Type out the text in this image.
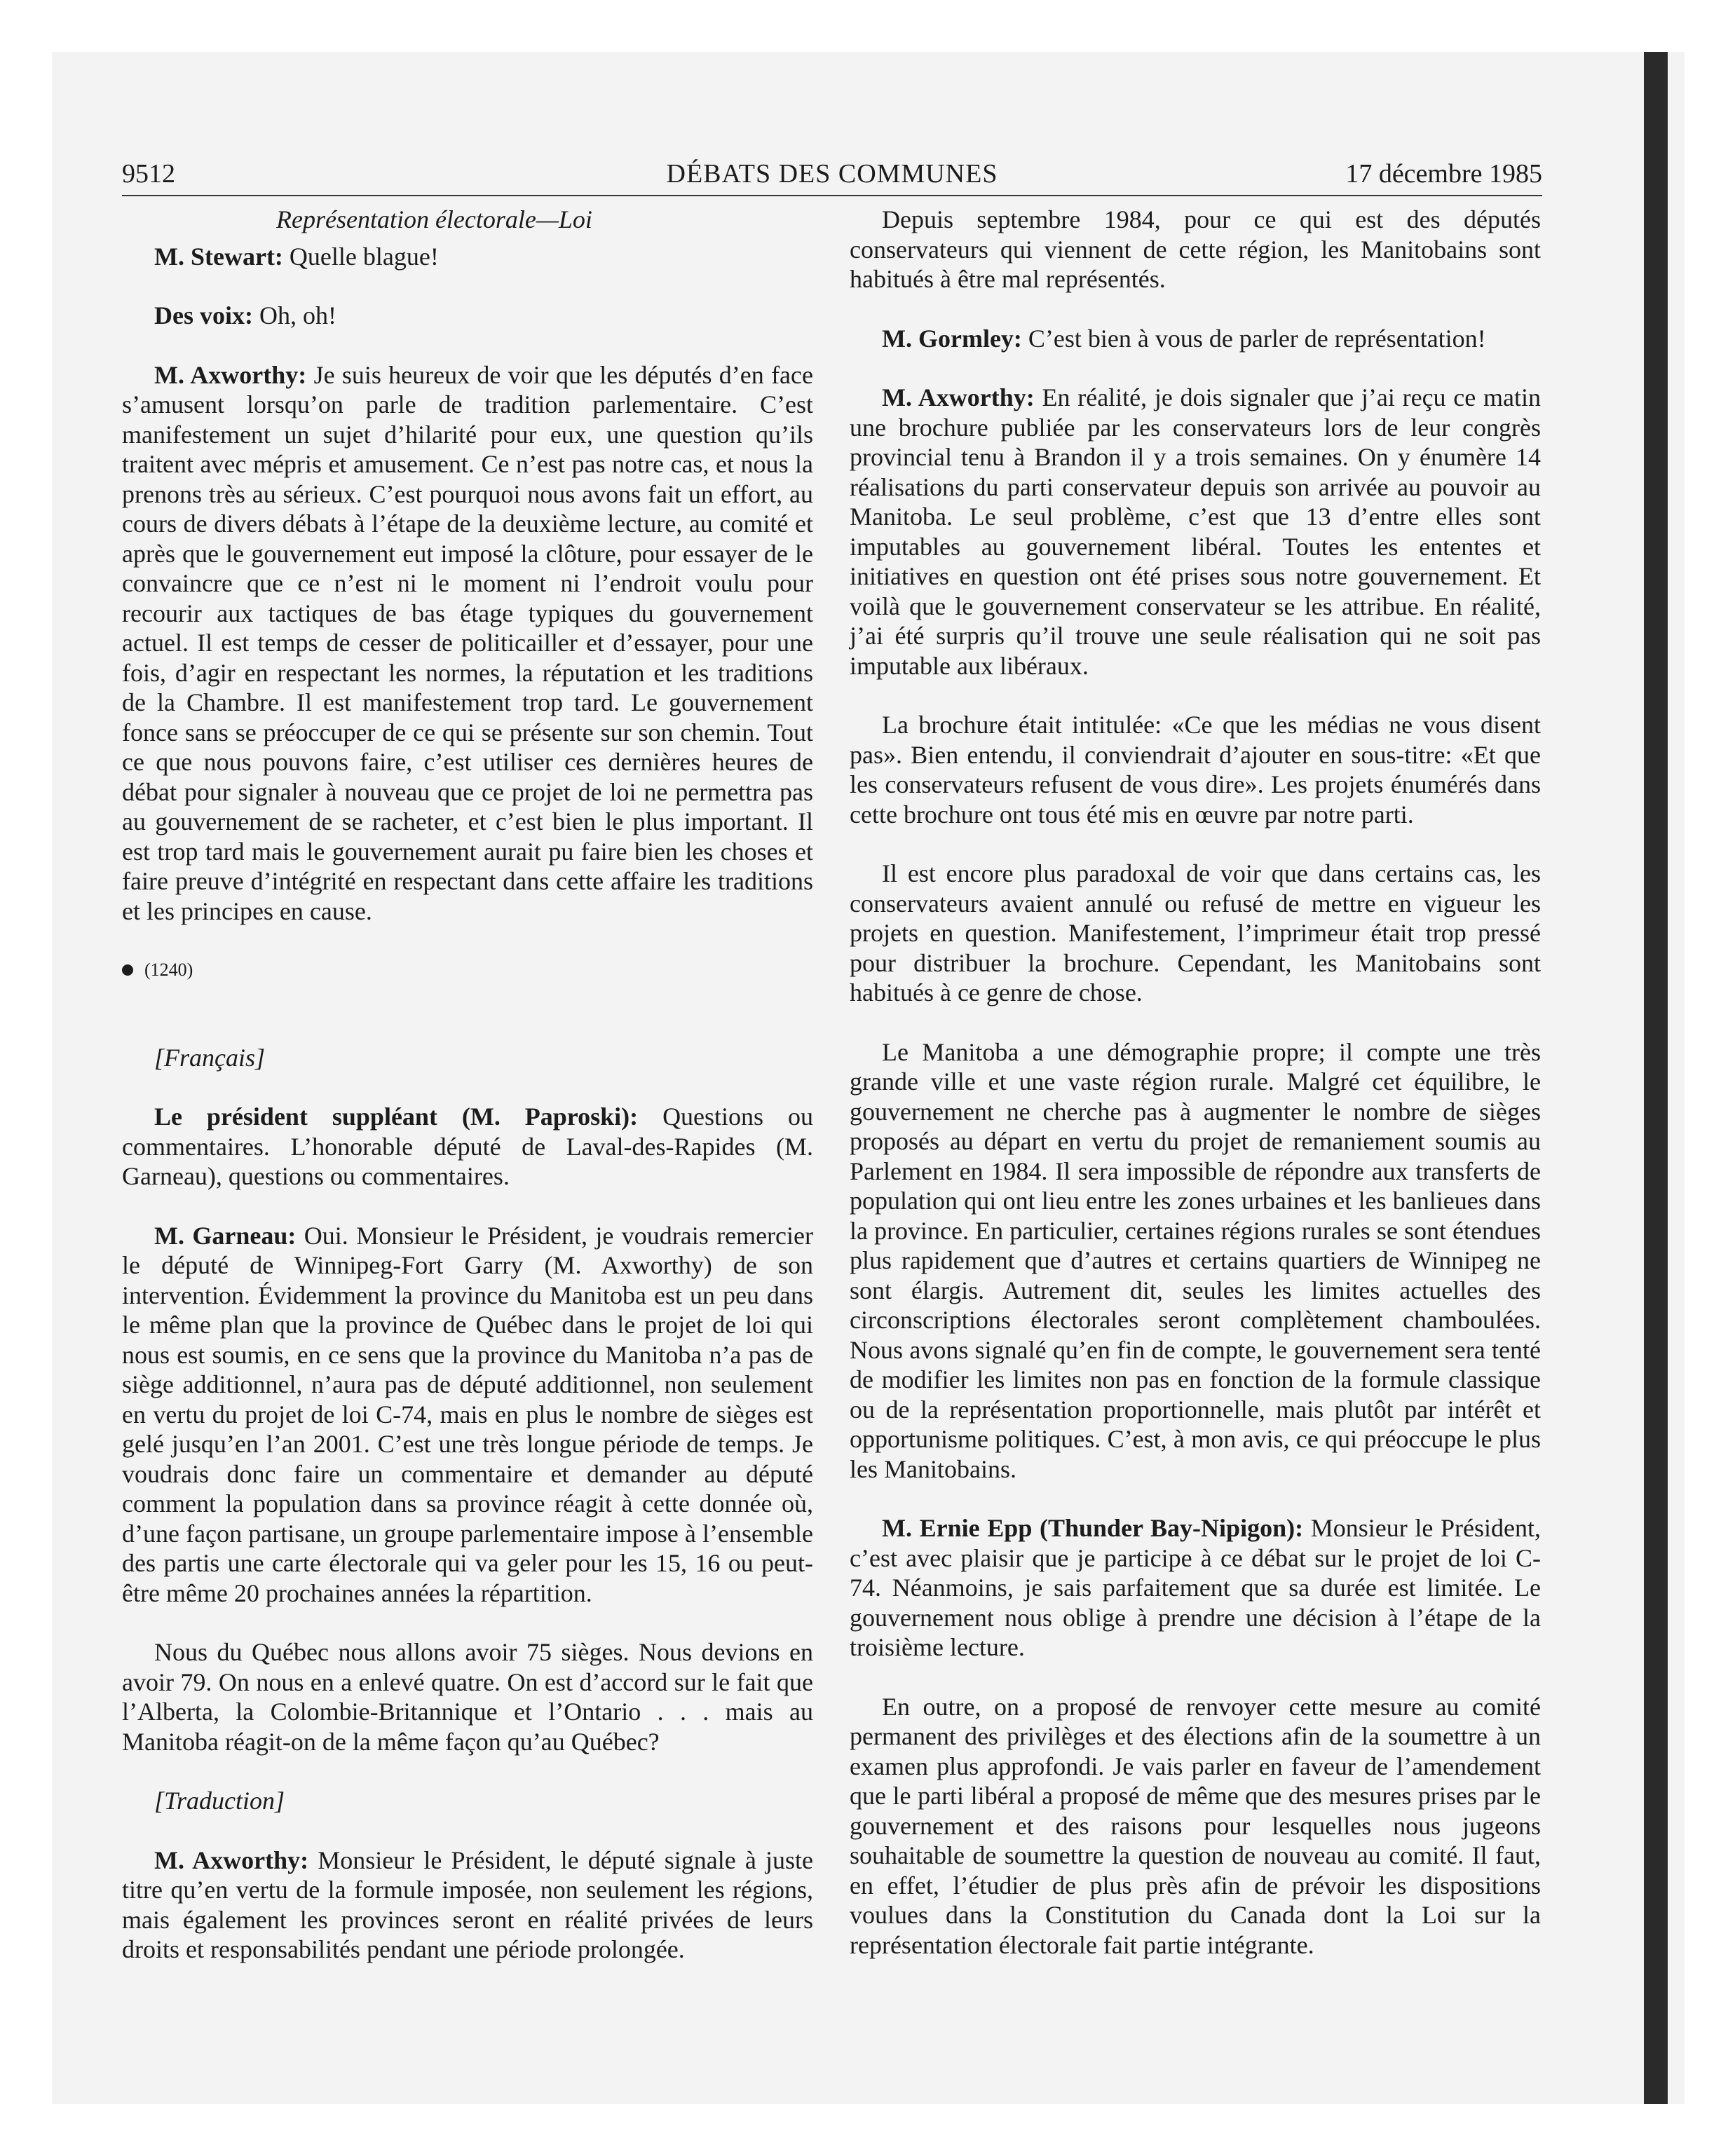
9512	DÉBATS DES COMMUNES	17 décembre 1985

Représentation électorale—Loi

M. Stewart: Quelle blague!

Des voix: Oh, oh!

M. Axworthy: Je suis heureux de voir que les députés d’en face s’amusent lorsqu’on parle de tradition parlementaire. C’est manifestement un sujet d’hilarité pour eux, une question qu’ils traitent avec mépris et amusement. Ce n’est pas notre cas, et nous la prenons très au sérieux. C’est pourquoi nous avons fait un effort, au cours de divers débats à l’étape de la deuxième lecture, au comité et après que le gouvernement eut imposé la clôture, pour essayer de le convaincre que ce n’est ni le moment ni l’endroit voulu pour recourir aux tactiques de bas étage typiques du gouvernement actuel. Il est temps de cesser de politicailler et d’essayer, pour une fois, d’agir en respectant les normes, la réputation et les traditions de la Chambre. Il est manifestement trop tard. Le gouvernement fonce sans se préoccuper de ce qui se présente sur son chemin. Tout ce que nous pouvons faire, c’est utiliser ces dernières heures de débat pour signaler à nouveau que ce projet de loi ne permettra pas au gouvernement de se racheter, et c’est bien le plus important. Il est trop tard mais le gouvernement aurait pu faire bien les choses et faire preuve d’intégrité en respectant dans cette affaire les traditions et les principes en cause.

(1240)

[Français]

Le président suppléant (M. Paproski): Questions ou commentaires. L’honorable député de Laval-des-Rapides (M. Garneau), questions ou commentaires.

M. Garneau: Oui. Monsieur le Président, je voudrais remercier le député de Winnipeg-Fort Garry (M. Axworthy) de son intervention. Évidemment la province du Manitoba est un peu dans le même plan que la province de Québec dans le projet de loi qui nous est soumis, en ce sens que la province du Manitoba n’a pas de siège additionnel, n’aura pas de député additionnel, non seulement en vertu du projet de loi C-74, mais en plus le nombre de sièges est gelé jusqu’en l’an 2001. C’est une très longue période de temps. Je voudrais donc faire un commentaire et demander au député comment la population dans sa province réagit à cette donnée où, d’une façon partisane, un groupe parlementaire impose à l’ensemble des partis une carte électorale qui va geler pour les 15, 16 ou peut-être même 20 prochaines années la répartition.

Nous du Québec nous allons avoir 75 sièges. Nous devions en avoir 79. On nous en a enlevé quatre. On est d’accord sur le fait que l’Alberta, la Colombie-Britannique et l’Ontario . . . mais au Manitoba réagit-on de la même façon qu’au Québec?

[Traduction]

M. Axworthy: Monsieur le Président, le député signale à juste titre qu’en vertu de la formule imposée, non seulement les régions, mais également les provinces seront en réalité privées de leurs droits et responsabilités pendant une période prolongée.

Depuis septembre 1984, pour ce qui est des députés conservateurs qui viennent de cette région, les Manitobains sont habitués à être mal représentés.

M. Gormley: C’est bien à vous de parler de représentation!

M. Axworthy: En réalité, je dois signaler que j’ai reçu ce matin une brochure publiée par les conservateurs lors de leur congrès provincial tenu à Brandon il y a trois semaines. On y énumère 14 réalisations du parti conservateur depuis son arrivée au pouvoir au Manitoba. Le seul problème, c’est que 13 d’entre elles sont imputables au gouvernement libéral. Toutes les ententes et initiatives en question ont été prises sous notre gouvernement. Et voilà que le gouvernement conservateur se les attribue. En réalité, j’ai été surpris qu’il trouve une seule réalisation qui ne soit pas imputable aux libéraux.

La brochure était intitulée: «Ce que les médias ne vous disent pas». Bien entendu, il conviendrait d’ajouter en sous-titre: «Et que les conservateurs refusent de vous dire». Les projets énumérés dans cette brochure ont tous été mis en œuvre par notre parti.

Il est encore plus paradoxal de voir que dans certains cas, les conservateurs avaient annulé ou refusé de mettre en vigueur les projets en question. Manifestement, l’imprimeur était trop pressé pour distribuer la brochure. Cependant, les Manitobains sont habitués à ce genre de chose.

Le Manitoba a une démographie propre; il compte une très grande ville et une vaste région rurale. Malgré cet équilibre, le gouvernement ne cherche pas à augmenter le nombre de sièges proposés au départ en vertu du projet de remaniement soumis au Parlement en 1984. Il sera impossible de répondre aux transferts de population qui ont lieu entre les zones urbaines et les banlieues dans la province. En particulier, certaines régions rurales se sont étendues plus rapidement que d’autres et certains quartiers de Winnipeg ne sont élargis. Autrement dit, seules les limites actuelles des circonscriptions électorales seront complètement chamboulées. Nous avons signalé qu’en fin de compte, le gouvernement sera tenté de modifier les limites non pas en fonction de la formule classique ou de la représentation proportionnelle, mais plutôt par intérêt et opportunisme politiques. C’est, à mon avis, ce qui préoccupe le plus les Manitobains.

M. Ernie Epp (Thunder Bay-Nipigon): Monsieur le Président, c’est avec plaisir que je participe à ce débat sur le projet de loi C-74. Néanmoins, je sais parfaitement que sa durée est limitée. Le gouvernement nous oblige à prendre une décision à l’étape de la troisième lecture.

En outre, on a proposé de renvoyer cette mesure au comité permanent des privilèges et des élections afin de la soumettre à un examen plus approfondi. Je vais parler en faveur de l’amendement que le parti libéral a proposé de même que des mesures prises par le gouvernement et des raisons pour lesquelles nous jugeons souhaitable de soumettre la question de nouveau au comité. Il faut, en effet, l’étudier de plus près afin de prévoir les dispositions voulues dans la Constitution du Canada dont la Loi sur la représentation électorale fait partie intégrante.
